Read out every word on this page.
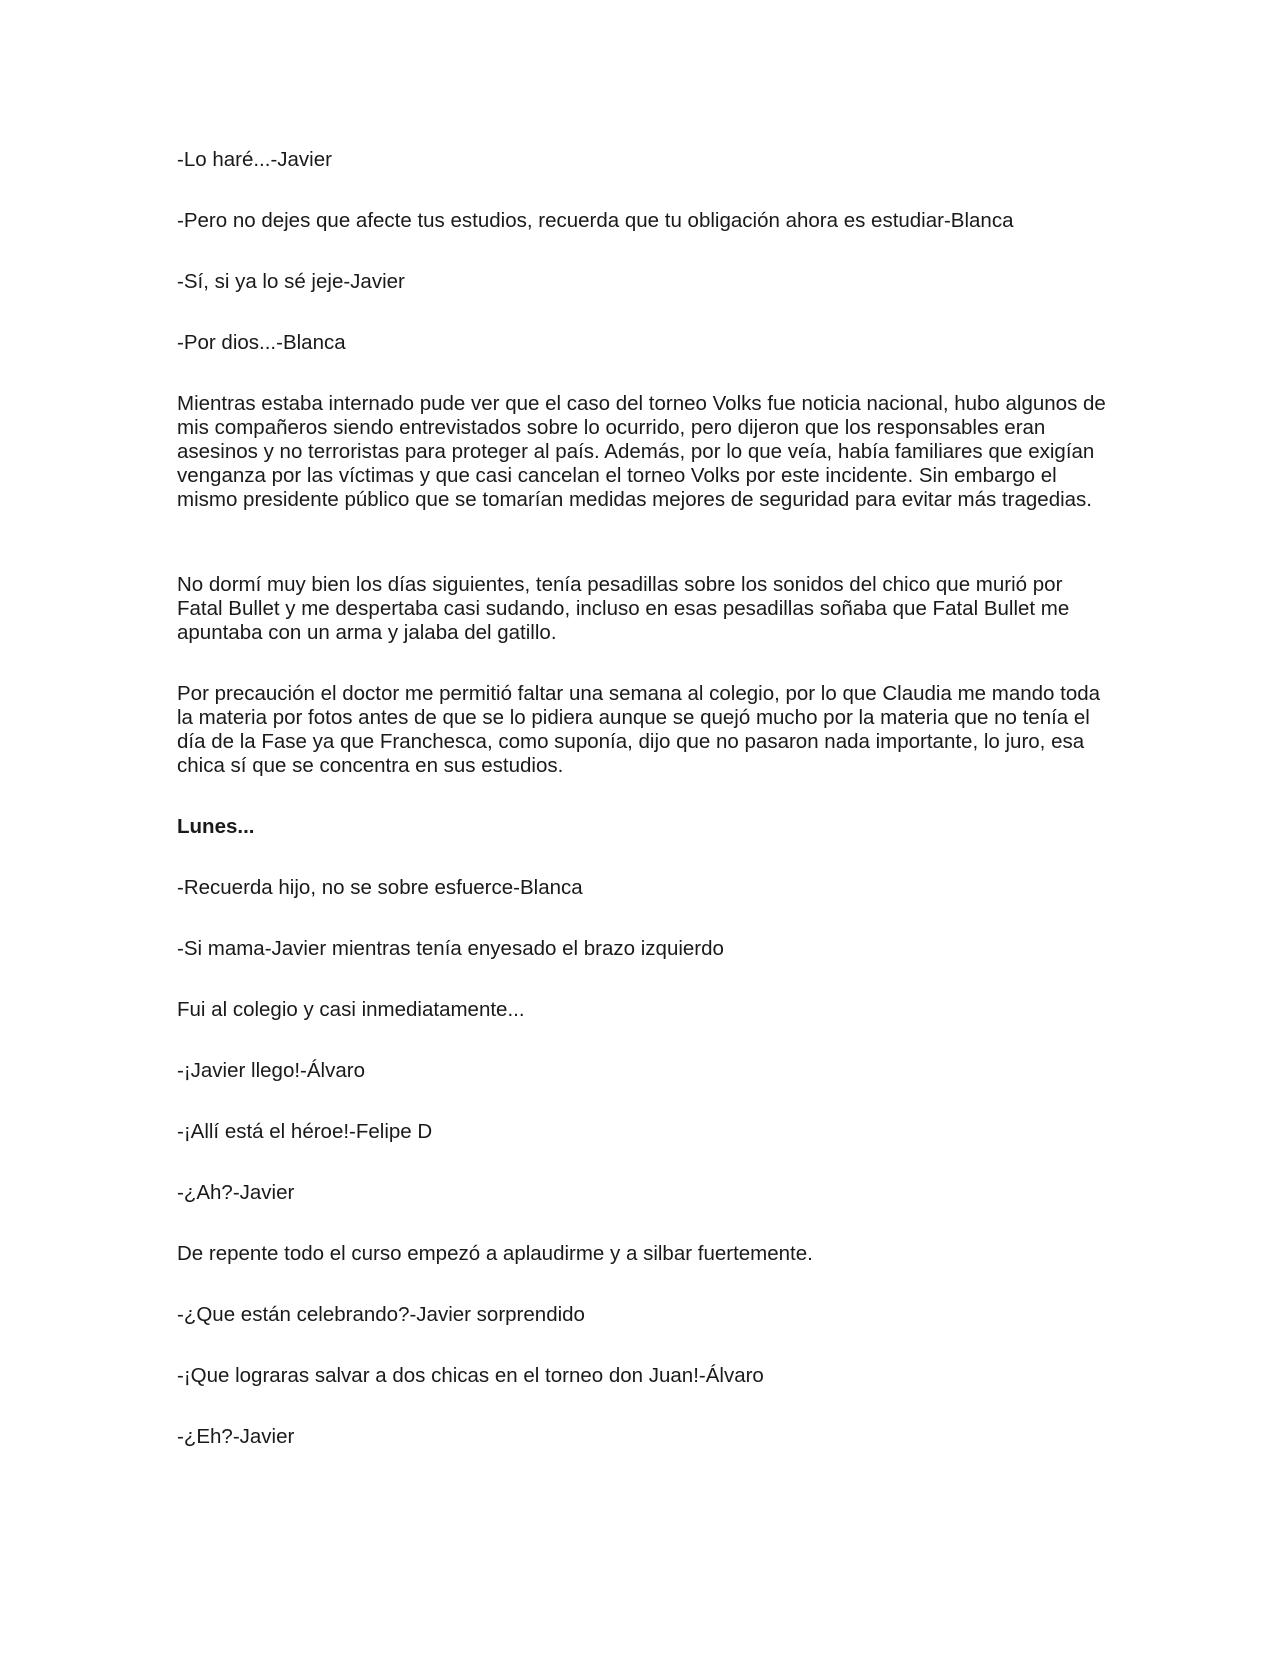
-Lo haré...-Javier

-Pero no dejes que afecte tus estudios, recuerda que tu obligación ahora es estudiar-Blanca

-Sí, si ya lo sé jeje-Javier

-Por dios...-Blanca

Mientras estaba internado pude ver que el caso del torneo Volks fue noticia nacional, hubo algunos de mis compañeros siendo entrevistados sobre lo ocurrido, pero dijeron que los responsables eran asesinos y no terroristas para proteger al país. Además, por lo que veía, había familiares que exigían venganza por las víctimas y que casi cancelan el torneo Volks por este incidente. Sin embargo el mismo presidente público que se tomarían medidas mejores de seguridad para evitar más tragedias.

No dormí muy bien los días siguientes, tenía pesadillas sobre los sonidos del chico que murió por Fatal Bullet y me despertaba casi sudando, incluso en esas pesadillas soñaba que Fatal Bullet me apuntaba con un arma y jalaba del gatillo.

Por precaución el doctor me permitió faltar una semana al colegio, por lo que Claudia me mando toda la materia por fotos antes de que se lo pidiera aunque se quejó mucho por la materia que no tenía el día de la Fase ya que Franchesca, como suponía, dijo que no pasaron nada importante, lo juro, esa chica sí que se concentra en sus estudios.

Lunes...

-Recuerda hijo, no se sobre esfuerce-Blanca

-Si mama-Javier mientras tenía enyesado el brazo izquierdo

Fui al colegio y casi inmediatamente...

-¡Javier llego!-Álvaro

-¡Allí está el héroe!-Felipe D

-¿Ah?-Javier

De repente todo el curso empezó a aplaudirme y a silbar fuertemente.

-¿Que están celebrando?-Javier sorprendido

-¡Que lograras salvar a dos chicas en el torneo don Juan!-Álvaro

-¿Eh?-Javier
